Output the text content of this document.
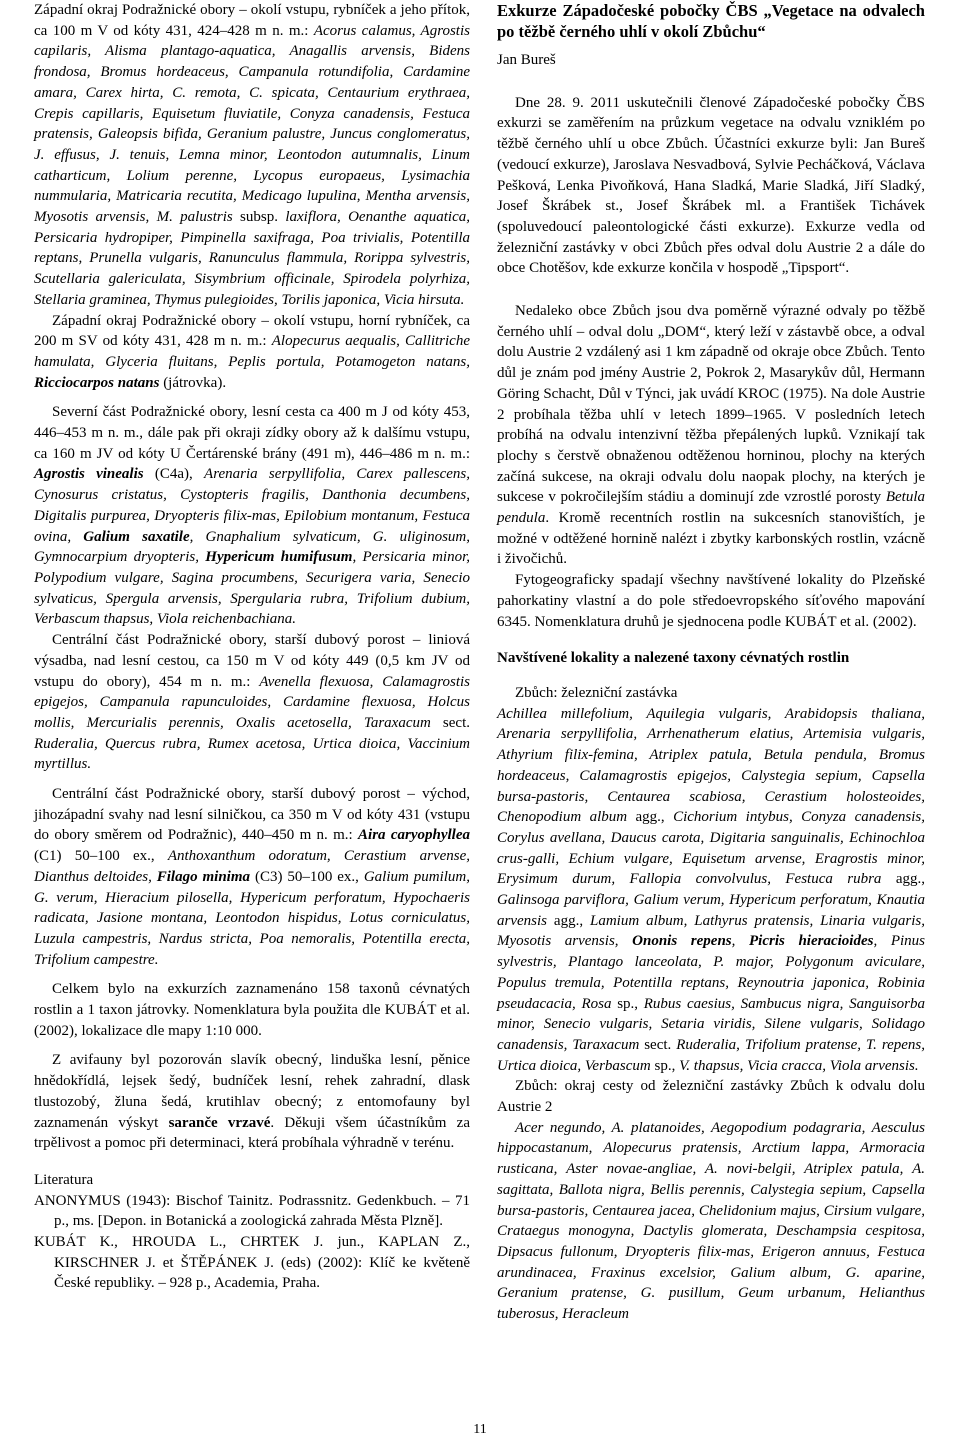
Západní okraj Podražnické obory – okolí vstupu, rybníček a jeho přítok, ca 100 m V od kóty 431, 424–428 m n. m.: Acorus calamus, Agrostis capilaris, Alisma plantago-aquatica, Anagallis arvensis, Bidens frondosa, Bromus hordeaceus, Campanula rotundifolia, Cardamine amara, Carex hirta, C. remota, C. spicata, Centaurium erythraea, Crepis capillaris, Equisetum fluviatile, Conyza canadensis, Festuca pratensis, Galeopsis bifida, Geranium palustre, Juncus conglomeratus, J. effusus, J. tenuis, Lemna minor, Leontodon autumnalis, Linum catharticum, Lolium perenne, Lycopus europaeus, Lysimachia nummularia, Matricaria recutita, Medicago lupulina, Mentha arvensis, Myosotis arvensis, M. palustris subsp. laxiflora, Oenanthe aquatica, Persicaria hydropiper, Pimpinella saxifraga, Poa trivialis, Potentilla reptans, Prunella vulgaris, Ranunculus flammula, Rorippa sylvestris, Scutellaria galericulata, Sisymbrium officinale, Spirodela polyrhiza, Stellaria graminea, Thymus pulegioides, Torilis japonica, Vicia hirsuta.

Západní okraj Podražnické obory – okolí vstupu, horní rybníček, ca 200 m SV od kóty 431, 428 m n. m.: Alopecurus aequalis, Callitriche hamulata, Glyceria fluitans, Peplis portula, Potamogeton natans, Ricciocarpos natans (játrovka).

Severní část Podražnické obory, lesní cesta ca 400 m J od kóty 453, 446–453 m n. m., dále pak při okraji zídky obory až k dalšímu vstupu, ca 160 m JV od kóty U Čertárenské brány (491 m), 446–486 m n. m.: Agrostis vinealis (C4a), Arenaria serpyllifolia, Carex pallescens, Cynosurus cristatus, Cystopteris fragilis, Danthonia decumbens, Digitalis purpurea, Dryopteris filix-mas, Epilobium montanum, Festuca ovina, Galium saxatile, Gnaphalium sylvaticum, G. uliginosum, Gymnocarpium dryopteris, Hypericum humifusum, Persicaria minor, Polypodium vulgare, Sagina procumbens, Securigera varia, Senecio sylvaticus, Spergula arvensis, Spergularia rubra, Trifolium dubium, Verbascum thapsus, Viola reichenbachiana.

Centrální část Podražnické obory, starší dubový porost – liniová výsadba, nad lesní cestou, ca 150 m V od kóty 449 (0,5 km JV od vstupu do obory), 454 m n. m.: Avenella flexuosa, Calamagrostis epigejos, Campanula rapunculoides, Cardamine flexuosa, Holcus mollis, Mercurialis perennis, Oxalis acetosella, Taraxacum sect. Ruderalia, Quercus rubra, Rumex acetosa, Urtica dioica, Vaccinium myrtillus.

Centrální část Podražnické obory, starší dubový porost – východ, jihozápadní svahy nad lesní silničkou, ca 350 m V od kóty 431 (vstupu do obory směrem od Podražnic), 440–450 m n. m.: Aira caryophyllea (C1) 50–100 ex., Anthoxanthum odoratum, Cerastium arvense, Dianthus deltoides, Filago minima (C3) 50–100 ex., Galium pumilum, G. verum, Hieracium pilosella, Hypericum perforatum, Hypochaeris radicata, Jasione montana, Leontodon hispidus, Lotus corniculatus, Luzula campestris, Nardus stricta, Poa nemoralis, Potentilla erecta, Trifolium campestre.

Celkem bylo na exkurzích zaznamenáno 158 taxonů cévnatých rostlin a 1 taxon játrovky. Nomenklatura byla použita dle KUBÁT et al. (2002), lokalizace dle mapy 1:10 000.

Z avifauny byl pozorován slavík obecný, linduška lesní, pěnice hnědokřídlá, lejsek šedý, budníček lesní, rehek zahradní, dlask tlustozobý, žluna šedá, krutihlav obecný; z entomofauny byl zaznamenán výskyt saranče vrzavé. Děkuji všem účastníkům za trpělivost a pomoc při determinaci, která probíhala výhradně v terénu.

Literatura

ANONYMUS (1943): Bischof Tainitz. Podrassnitz. Gedenkbuch. – 71 p., ms. [Depon. in Botanická a zoologická zahrada Města Plzně].

KUBÁT K., HROUDA L., CHRTEK J. jun., KAPLAN Z., KIRSCHNER J. et ŠTĚPÁNEK J. (eds) (2002): Klíč ke květeně České republiky. – 928 p., Academia, Praha.

Exkurze Západočeské pobočky ČBS „Vegetace na odvalech po těžbě černého uhlí v okolí Zbůchu“

Jan Bureš

Dne 28. 9. 2011 uskutečnili členové Západočeské pobočky ČBS exkurzi se zaměřením na průzkum vegetace na odvalu vzniklém po těžbě černého uhlí u obce Zbůch. Účastníci exkurze byli: Jan Bureš (vedoucí exkurze), Jaroslava Nesvadbová, Sylvie Pecháčková, Václava Pešková, Lenka Pivoňková, Hana Sladká, Marie Sladká, Jiří Sladký, Josef Škrábek st., Josef Škrábek ml. a František Tichávek (spoluvedoucí paleontologické části exkurze). Exkurze vedla od železniční zastávky v obci Zbůch přes odval dolu Austrie 2 a dále do obce Chotěšov, kde exkurze končila v hospodě „Tipsport“.

Nedaleko obce Zbůch jsou dva poměrně výrazné odvaly po těžbě černého uhlí – odval dolu „DOM“, který leží v zástavbě obce, a odval dolu Austrie 2 vzdálený asi 1 km západně od okraje obce Zbůch. Tento důl je znám pod jmény Austrie 2, Pokrok 2, Masarykův důl, Hermann Göring Schacht, Důl v Týnci, jak uvádí KROC (1975). Na dole Austrie 2 probíhala těžba uhlí v letech 1899–1965. V posledních letech probíhá na odvalu intenzivní těžba přepálených lupků. Vznikají tak plochy s čerstvě obnaženou odtěženou horninou, plochy na kterých začíná sukcese, na okraji odvalu dolu naopak plochy, na kterých je sukcese v pokročilejším stádiu a dominují zde vzrostlé porosty Betula pendula. Kromě recentních rostlin na sukcesních stanovištích, je možné v odtěžené hornině nalézt i zbytky karbonských rostlin, vzácně i živočichů.

Fytogeograficky spadají všechny navštívené lokality do Plzeňské pahorkatiny vlastní a do pole středoevropského síťového mapování 6345. Nomenklatura druhů je sjednocena podle KUBÁT et al. (2002).

Navštívené lokality a nalezené taxony cévnatých rostlin

Zbůch: železniční zastávka

Achillea millefolium, Aquilegia vulgaris, Arabidopsis thaliana, Arenaria serpyllifolia, Arrhenatherum elatius, Artemisia vulgaris, Athyrium filix-femina, Atriplex patula, Betula pendula, Bromus hordeaceus, Calamagrostis epigejos, Calystegia sepium, Capsella bursa-pastoris, Centaurea scabiosa, Cerastium holosteoides, Chenopodium album agg., Cichorium intybus, Conyza canadensis, Corylus avellana, Daucus carota, Digitaria sanguinalis, Echinochloa crus-galli, Echium vulgare, Equisetum arvense, Eragrostis minor, Erysimum durum, Fallopia convolvulus, Festuca rubra agg., Galinsoga parviflora, Galium verum, Hypericum perforatum, Knautia arvensis agg., Lamium album, Lathyrus pratensis, Linaria vulgaris, Myosotis arvensis, Ononis repens, Picris hieracioides, Pinus sylvestris, Plantago lanceolata, P. major, Polygonum aviculare, Populus tremula, Potentilla reptans, Reynoutria japonica, Robinia pseudacacia, Rosa sp., Rubus caesius, Sambucus nigra, Sanguisorba minor, Senecio vulgaris, Setaria viridis, Silene vulgaris, Solidago canadensis, Taraxacum sect. Ruderalia, Trifolium pratense, T. repens, Urtica dioica, Verbascum sp., V. thapsus, Vicia cracca, Viola arvensis.

Zbůch: okraj cesty od železniční zastávky Zbůch k odvalu dolu Austrie 2

Acer negundo, A. platanoides, Aegopodium podagraria, Aesculus hippocastanum, Alopecurus pratensis, Arctium lappa, Armoracia rusticana, Aster novae-angliae, A. novi-belgii, Atriplex patula, A. sagittata, Ballota nigra, Bellis perennis, Calystegia sepium, Capsella bursa-pastoris, Centaurea jacea, Chelidonium majus, Cirsium vulgare, Crataegus monogyna, Dactylis glomerata, Deschampsia cespitosa, Dipsacus fullonum, Dryopteris filix-mas, Erigeron annuus, Festuca arundinacea, Fraxinus excelsior, Galium album, G. aparine, Geranium pratense, G. pusillum, Geum urbanum, Helianthus tuberosus, Heracleum

11
